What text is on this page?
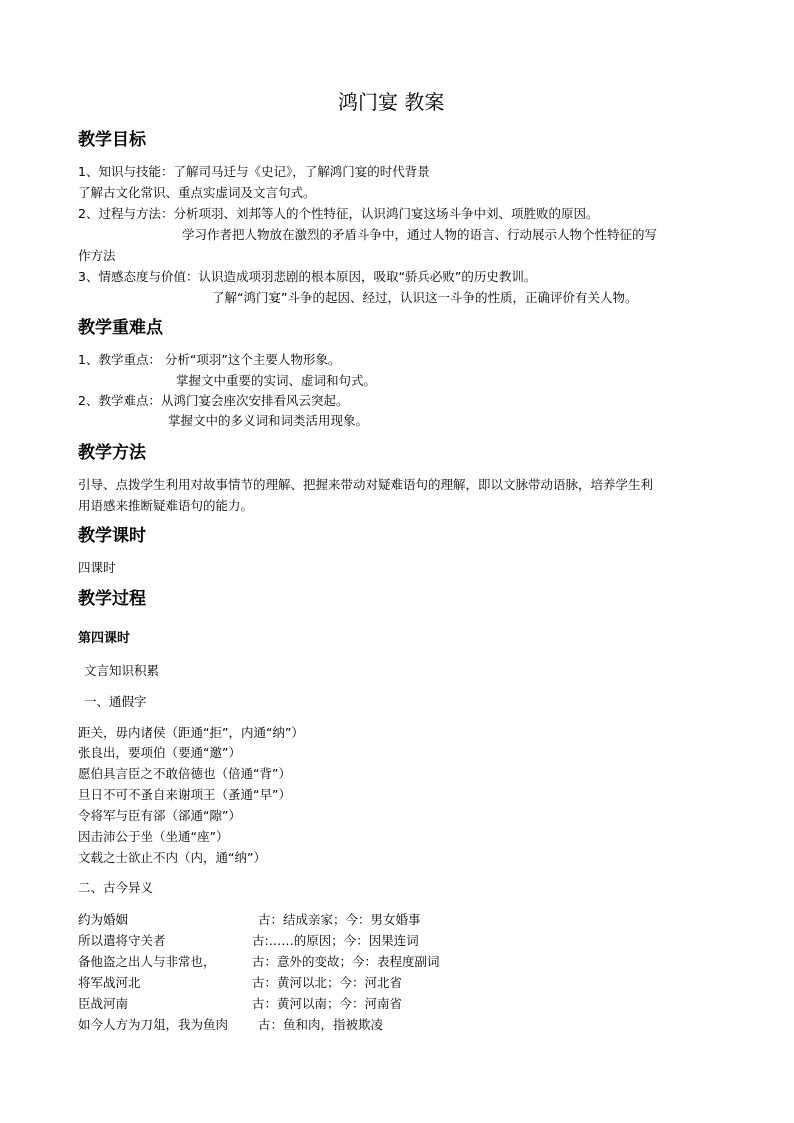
鸿门宴 教案
教学目标
1、知识与技能：了解司马迁与《史记》，了解鸿门宴的时代背景
了解古文化常识、重点实虚词及文言句式。
2、过程与方法：分析项羽、刘邦等人的个性特征，认识鸿门宴这场斗争中刘、项胜败的原因。
学习作者把人物放在激烈的矛盾斗争中，通过人物的语言、行动展示人物个性特征的写
作方法
3、情感态度与价值：认识造成项羽悲剧的根本原因，吸取“骄兵必败”的历史教训。
了解“鸿门宴”斗争的起因、经过，认识这一斗争的性质，正确评价有关人物。
教学重难点
1、教学重点： 分析“项羽”这个主要人物形象。
掌握文中重要的实词、虚词和句式。
2、教学难点：从鸿门宴会座次安排看风云突起。
掌握文中的多义词和词类活用现象。
教学方法
引导、点拨学生利用对故事情节的理解、把握来带动对疑难语句的理解，即以文脉带动语脉，培养学生利
用语感来推断疑难语句的能力。
教学课时
四课时
教学过程
第四课时
文言知识积累
一、通假字
距关，毋内诸侯（距通“拒”，内通“纳”）
张良出，要项伯（要通“邀”）
愿伯具言臣之不敢倍德也（倍通“背”）
旦日不可不蚤自来谢项王（蚤通“早”）
令将军与臣有郤（郤通“隙”）
因击沛公于坐（坐通“座”）
文载之士欲止不内（内，通“纳”）
二、古今异义
约为婚姻	古：结成亲家；今：男女婚事
所以遣将守关者	古:……的原因；今：因果连词
备他盗之出人与非常也，	古：意外的变故；今：表程度副词
将军战河北	古：黄河以北；今：河北省
臣战河南	古：黄河以南；今：河南省
如今人方为刀俎，我为鱼肉 古：鱼和肉，指被欺凌
